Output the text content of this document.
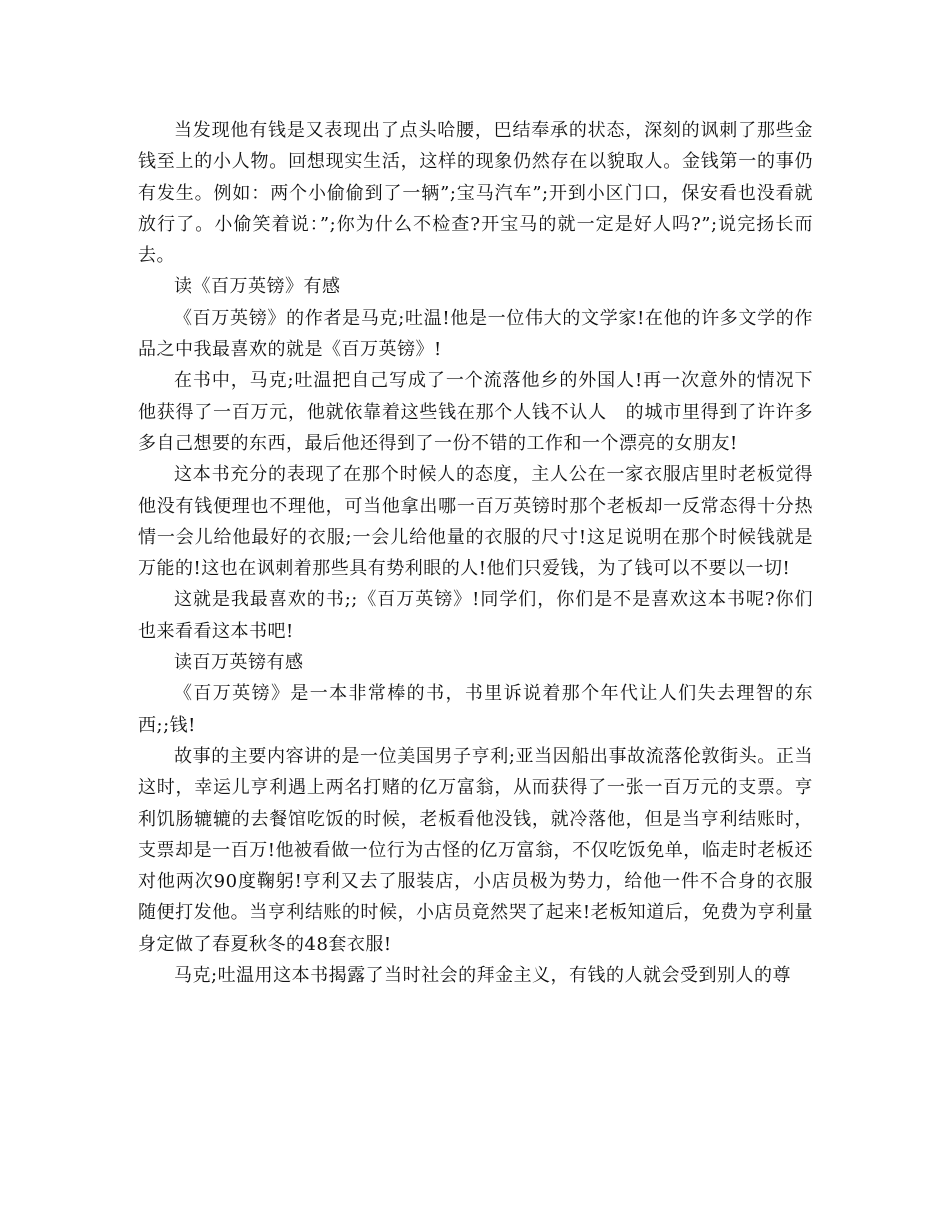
当发现他有钱是又表现出了点头哈腰，巴结奉承的状态，深刻的讽刺了那些金钱至上的小人物。回想现实生活，这样的现象仍然存在以貌取人。金钱第一的事仍有发生。例如：两个小偷偷到了一辆”;宝马汽车”;开到小区门口，保安看也没看就放行了。小偷笑着说：”;你为什么不检查?开宝马的就一定是好人吗?”;说完扬长而去。

读《百万英镑》有感

《百万英镑》的作者是马克;吐温!他是一位伟大的文学家!在他的许多文学的作品之中我最喜欢的就是《百万英镑》!

在书中，马克;吐温把自己写成了一个流落他乡的外国人!再一次意外的情况下他获得了一百万元，他就依靠着这些钱在那个人钱不认人　的城市里得到了许许多多自己想要的东西，最后他还得到了一份不错的工作和一个漂亮的女朋友!

这本书充分的表现了在那个时候人的态度，主人公在一家衣服店里时老板觉得他没有钱便理也不理他，可当他拿出哪一百万英镑时那个老板却一反常态得十分热情一会儿给他最好的衣服;一会儿给他量的衣服的尺寸!这足说明在那个时候钱就是万能的!这也在讽刺着那些具有势利眼的人!他们只爱钱，为了钱可以不要以一切!

这就是我最喜欢的书;;《百万英镑》!同学们，你们是不是喜欢这本书呢?你们也来看看这本书吧!

读百万英镑有感

《百万英镑》是一本非常棒的书，书里诉说着那个年代让人们失去理智的东西;;钱!

故事的主要内容讲的是一位美国男子亨利;亚当因船出事故流落伦敦街头。正当这时，幸运儿亨利遇上两名打赌的亿万富翁，从而获得了一张一百万元的支票。亨利饥肠辘辘的去餐馆吃饭的时候，老板看他没钱，就冷落他，但是当亨利结账时，支票却是一百万!他被看做一位行为古怪的亿万富翁，不仅吃饭免单，临走时老板还对他两次90度鞠躬!亨利又去了服装店，小店员极为势力，给他一件不合身的衣服随便打发他。当亨利结账的时候，小店员竟然哭了起来!老板知道后，免费为亨利量身定做了春夏秋冬的48套衣服!

马克;吐温用这本书揭露了当时社会的拜金主义，有钱的人就会受到别人的尊
